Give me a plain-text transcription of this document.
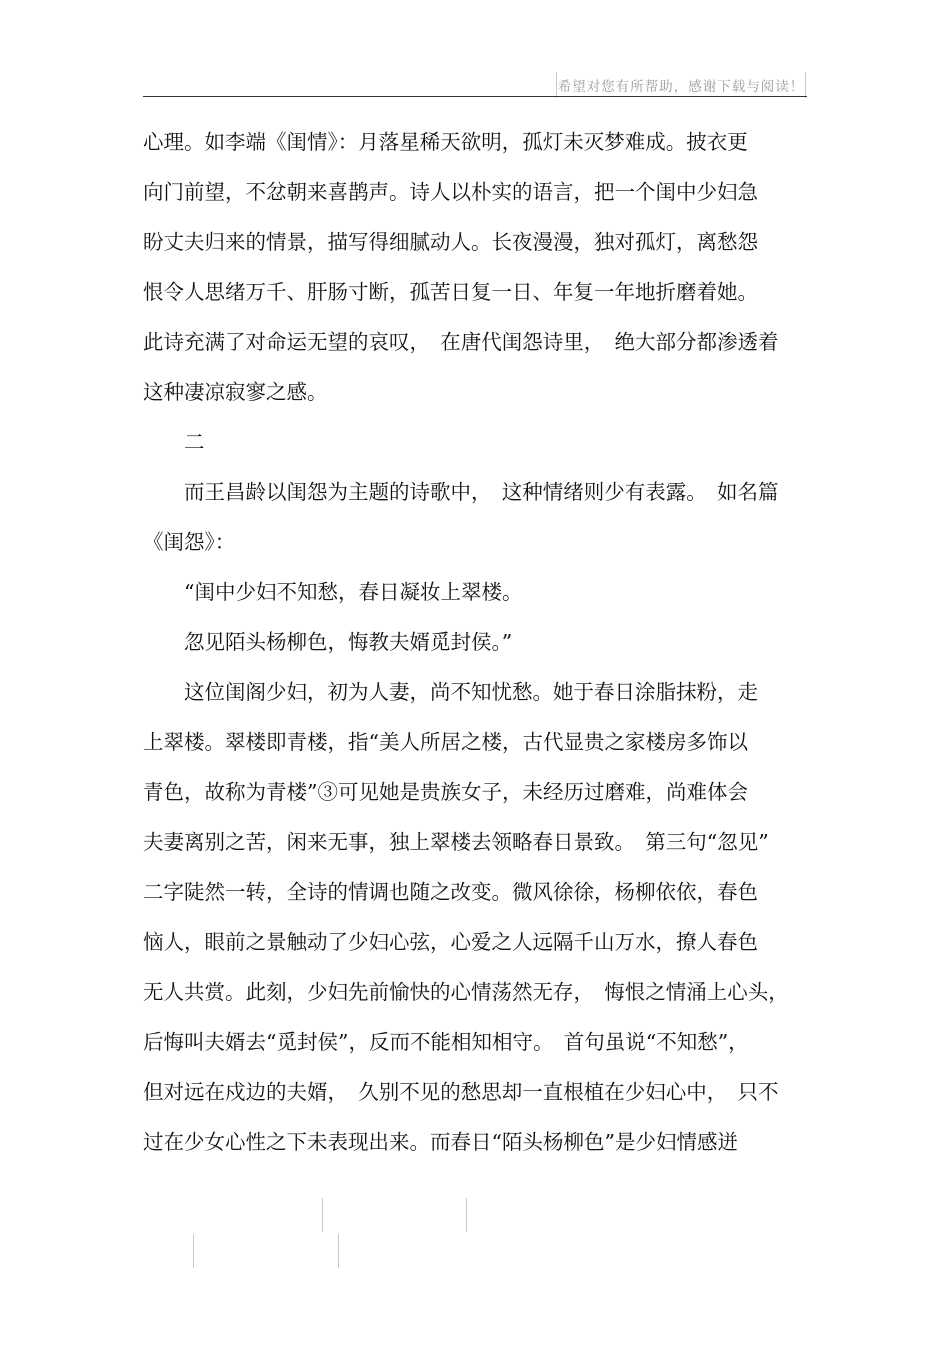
希望对您有所帮助，感谢下载与阅读！
心理。如李端《闺情》：月落星稀天欲明，孤灯未灭梦难成。披衣更
向门前望，不忿朝来喜鹊声。诗人以朴实的语言，把一个闺中少妇急
盼丈夫归来的情景，描写得细腻动人。长夜漫漫，独对孤灯，离愁怨
恨令人思绪万千、肝肠寸断，孤苦日复一日、年复一年地折磨着她。
此诗充满了对命运无望的哀叹，　在唐代闺怨诗里，　绝大部分都渗透着
这种凄凉寂寥之感。
　　二
　　而王昌龄以闺怨为主题的诗歌中，　这种情绪则少有表露。　如名篇
《闺怨》：
　　“闺中少妇不知愁，春日凝妆上翠楼。
　　忽见陌头杨柳色，悔教夫婿觅封侯。”
　　这位闺阁少妇，初为人妻，尚不知忧愁。她于春日涂脂抹粉，走
上翠楼。翠楼即青楼，指“美人所居之楼，古代显贵之家楼房多饰以
青色，故称为青楼”③可见她是贵族女子，未经历过磨难，尚难体会
夫妻离别之苦，闲来无事，独上翠楼去领略春日景致。　第三句“忽见”
二字陡然一转，全诗的情调也随之改变。微风徐徐，杨柳依依，春色
恼人，眼前之景触动了少妇心弦，心爱之人远隔千山万水，撩人春色
无人共赏。此刻，少妇先前愉快的心情荡然无存，　悔恨之情涌上心头，
后悔叫夫婿去“觅封侯”，反而不能相知相守。　首句虽说“不知愁”，
但对远在戍边的夫婿，　久别不见的愁思却一直根植在少妇心中，　只不
过在少女心性之下未表现出来。而春日“陌头杨柳色”是少妇情感迸
